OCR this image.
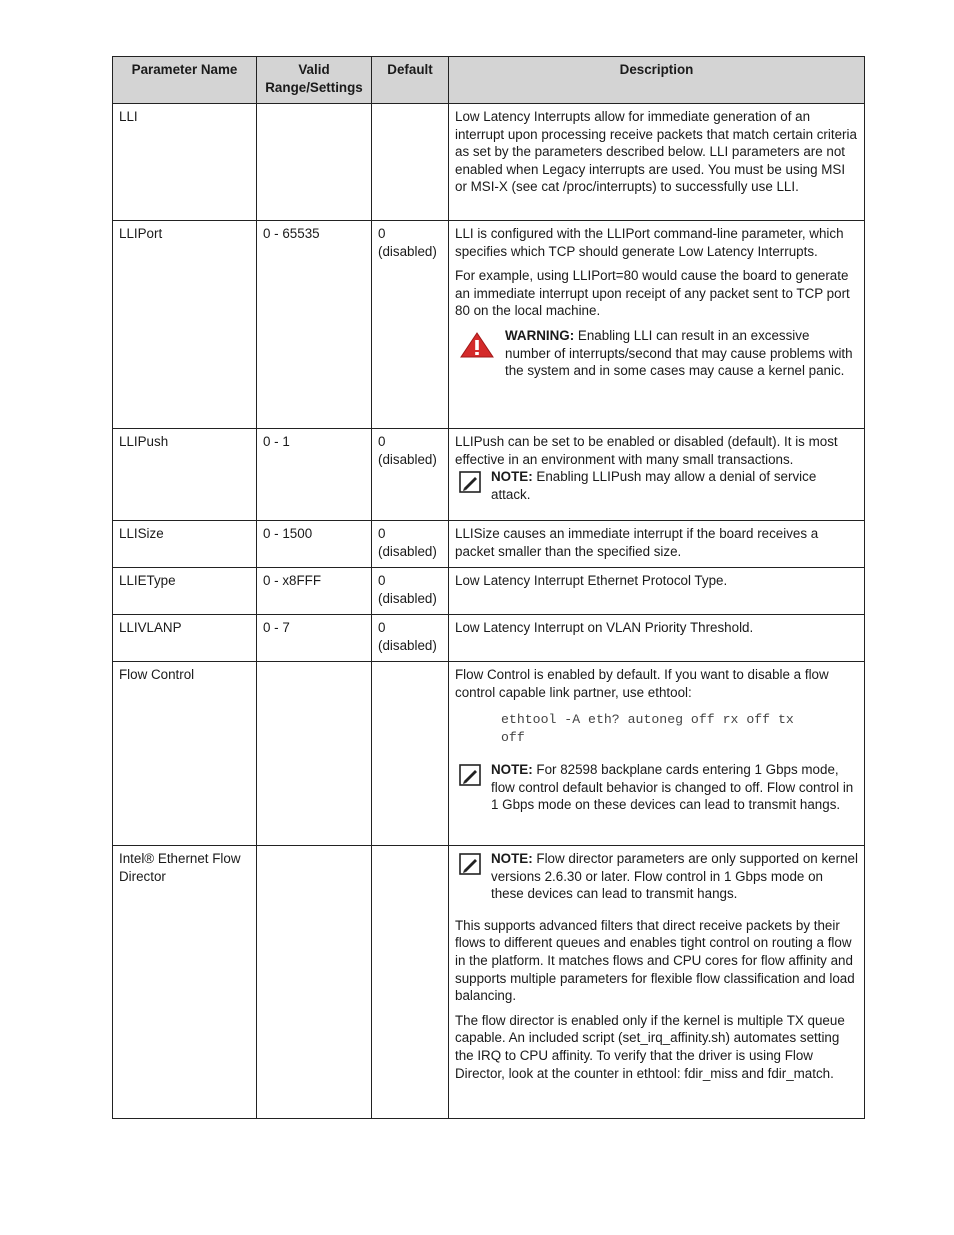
Parameter Name	Valid Range/Settings	Default	Description
LLI			Low Latency Interrupts allow for immediate generation of an interrupt upon processing receive packets that match certain criteria as set by the parameters described below. LLI parameters are not enabled when Legacy interrupts are used. You must be using MSI or MSI-X (see cat /proc/interrupts) to successfully use LLI.

LLIPort	0 - 65535	0 (disabled)	LLI is configured with the LLIPort command-line parameter, which specifies which TCP should generate Low Latency Interrupts.

For example, using LLIPort=80 would cause the board to generate an immediate interrupt upon receipt of any packet sent to TCP port 80 on the local machine.

WARNING: Enabling LLI can result in an excessive number of interrupts/second that may cause problems with the system and in some cases may cause a kernel panic.

LLIPush	0 - 1	0 (disabled)	LLIPush can be set to be enabled or disabled (default). It is most effective in an environment with many small transactions.

NOTE: Enabling LLIPush may allow a denial of service attack.

LLISize	0 - 1500	0 (disabled)	LLISize causes an immediate interrupt if the board receives a packet smaller than the specified size.

LLIEType	0 - x8FFF	0 (disabled)	Low Latency Interrupt Ethernet Protocol Type.

LLIVLANP	0 - 7	0 (disabled)	Low Latency Interrupt on VLAN Priority Threshold.

Flow Control			Flow Control is enabled by default. If you want to disable a flow control capable link partner, use ethtool:

ethtool -A eth? autoneg off rx off tx
off
NOTE: For 82598 backplane cards entering 1 Gbps mode, flow control default behavior is changed to off. Flow control in 1 Gbps mode on these devices can lead to transmit hangs.

Intel® Ethernet Flow Director			NOTE: Flow director parameters are only supported on kernel versions 2.6.30 or later. Flow control in 1 Gbps mode on these devices can lead to transmit hangs.

This supports advanced filters that direct receive packets by their flows to different queues and enables tight control on routing a flow in the platform. It matches flows and CPU cores for flow affinity and supports multiple parameters for flexible flow classification and load balancing.

The flow director is enabled only if the kernel is multiple TX queue capable. An included script (set_irq_affinity.sh) automates setting the IRQ to CPU affinity. To verify that the driver is using Flow Director, look at the counter in ethtool: fdir_miss and fdir_match.
